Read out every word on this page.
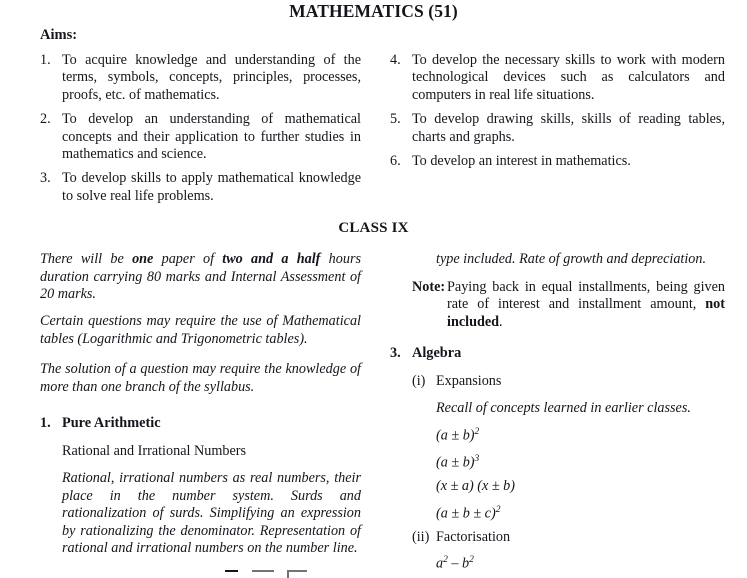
MATHEMATICS (51)
Aims:
1. To acquire knowledge and understanding of the terms, symbols, concepts, principles, processes, proofs, etc. of mathematics.
2. To develop an understanding of mathematical concepts and their application to further studies in mathematics and science.
3. To develop skills to apply mathematical knowledge to solve real life problems.
4. To develop the necessary skills to work with modern technological devices such as calculators and computers in real life situations.
5. To develop drawing skills, skills of reading tables, charts and graphs.
6. To develop an interest in mathematics.
CLASS IX

There will be one paper of two and a half hours duration carrying 80 marks and Internal Assessment of 20 marks.

Certain questions may require the use of Mathematical tables (Logarithmic and Trigonometric tables).

The solution of a question may require the knowledge of more than one branch of the syllabus.

1. Pure Arithmetic

Rational and Irrational Numbers

Rational, irrational numbers as real numbers, their place in the number system. Surds and rationalization of surds. Simplifying an expression by rationalizing the denominator. Representation of rational and irrational numbers on the number line.

type included. Rate of growth and depreciation.

Note: Paying back in equal installments, being given rate of interest and installment amount, not included.

3. Algebra
(i) Expansions

Recall of concepts learned in earlier classes.

$(a \pm b)^2$

$(a \pm b)^3$

(x ± a) (x ± b)

$(a \pm b \pm c)^2$

(ii) Factorisation

$a^2 - b^2$
